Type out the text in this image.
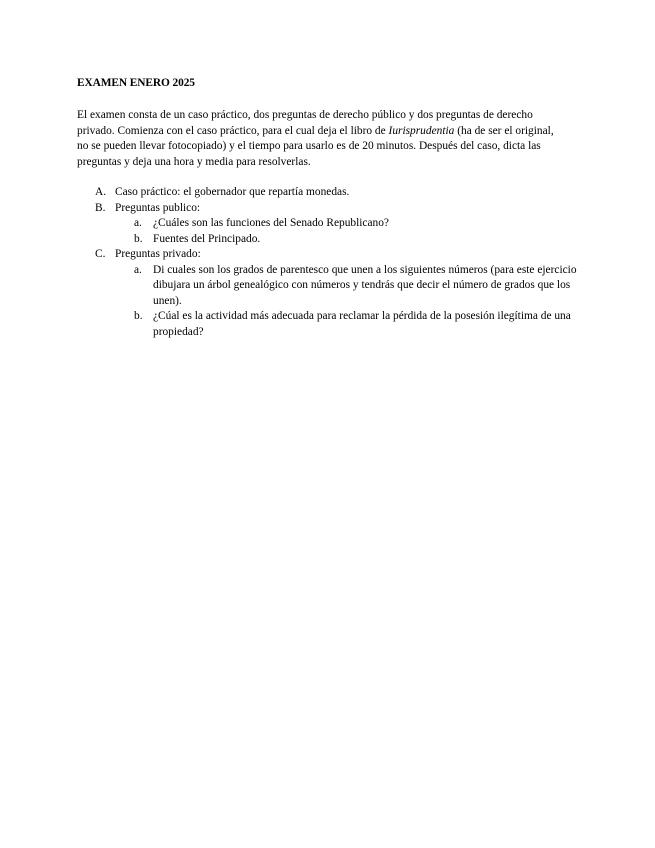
EXAMEN ENERO 2025

El examen consta de un caso práctico, dos preguntas de derecho público y dos preguntas de derecho privado. Comienza con el caso práctico, para el cual deja el libro de Iurisprudentia (ha de ser el original, no se pueden llevar fotocopiado) y el tiempo para usarlo es de 20 minutos. Después del caso, dicta las preguntas y deja una hora y media para resolverlas.

A. Caso práctico: el gobernador que repartía monedas.
B. Preguntas publico:
a. ¿Cuáles son las funciones del Senado Republicano?
b. Fuentes del Principado.
C. Preguntas privado:
a. Di cuales son los grados de parentesco que unen a los siguientes números (para este ejercicio dibujara un árbol genealógico con números y tendrás que decir el número de grados que los unen).
b. ¿Cúal es la actividad más adecuada para reclamar la pérdida de la posesión ilegítima de una propiedad?
